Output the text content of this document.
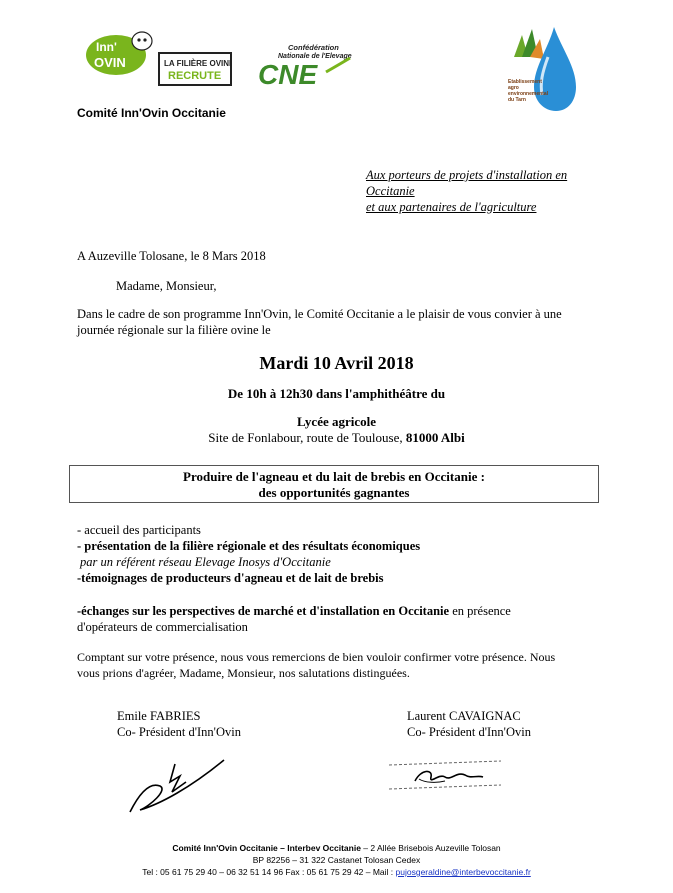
Inn'
OVIN	LA FILIÈRE OVINE
RECRUTE
Confédération
Nationale de l'Elevage
CNE	Etablissement agro environnemental du Tarn
Comité Inn'Ovin Occitanie
Aux porteurs de projets d'installation en
Occitanie
et aux partenaires de l'agriculture
A Auzeville Tolosane, le 8 Mars 2018
Madame, Monsieur,
Dans le cadre de son programme Inn'Ovin, le Comité Occitanie a le plaisir de vous convier à une
journée régionale sur la filière ovine le
Mardi 10 Avril 2018
De 10h à 12h30 dans l'amphithéâtre du
Lycée agricole
Site de Fonlabour, route de Toulouse, 81000 Albi
Produire de l'agneau et du lait de brebis en Occitanie :
des opportunités gagnantes
- accueil des participants
- présentation de la filière régionale et des résultats économiques
par un référent réseau Elevage Inosys d'Occitanie
-témoignages de producteurs d'agneau et de lait de brebis
-échanges sur les perspectives de marché et d'installation en Occitanie en présence
d'opérateurs de commercialisation
Comptant sur votre présence, nous vous remercions de bien vouloir confirmer votre présence. Nous
vous prions d'agréer, Madame, Monsieur, nos salutations distinguées.
Emile FABRIES
Co- Président d'Inn'Ovin
Laurent CAVAIGNAC
Co- Président d'Inn'Ovin
Comité Inn'Ovin Occitanie – Interbev Occitanie – 2 Allée Brisebois Auzeville Tolosan
BP 82256 – 31 322 Castanet Tolosan Cedex
Tel : 05 61 75 29 40 – 06 32 51 14 96 Fax : 05 61 75 29 42 – Mail : pujosgeraldine@interbevoccitanie.fr
